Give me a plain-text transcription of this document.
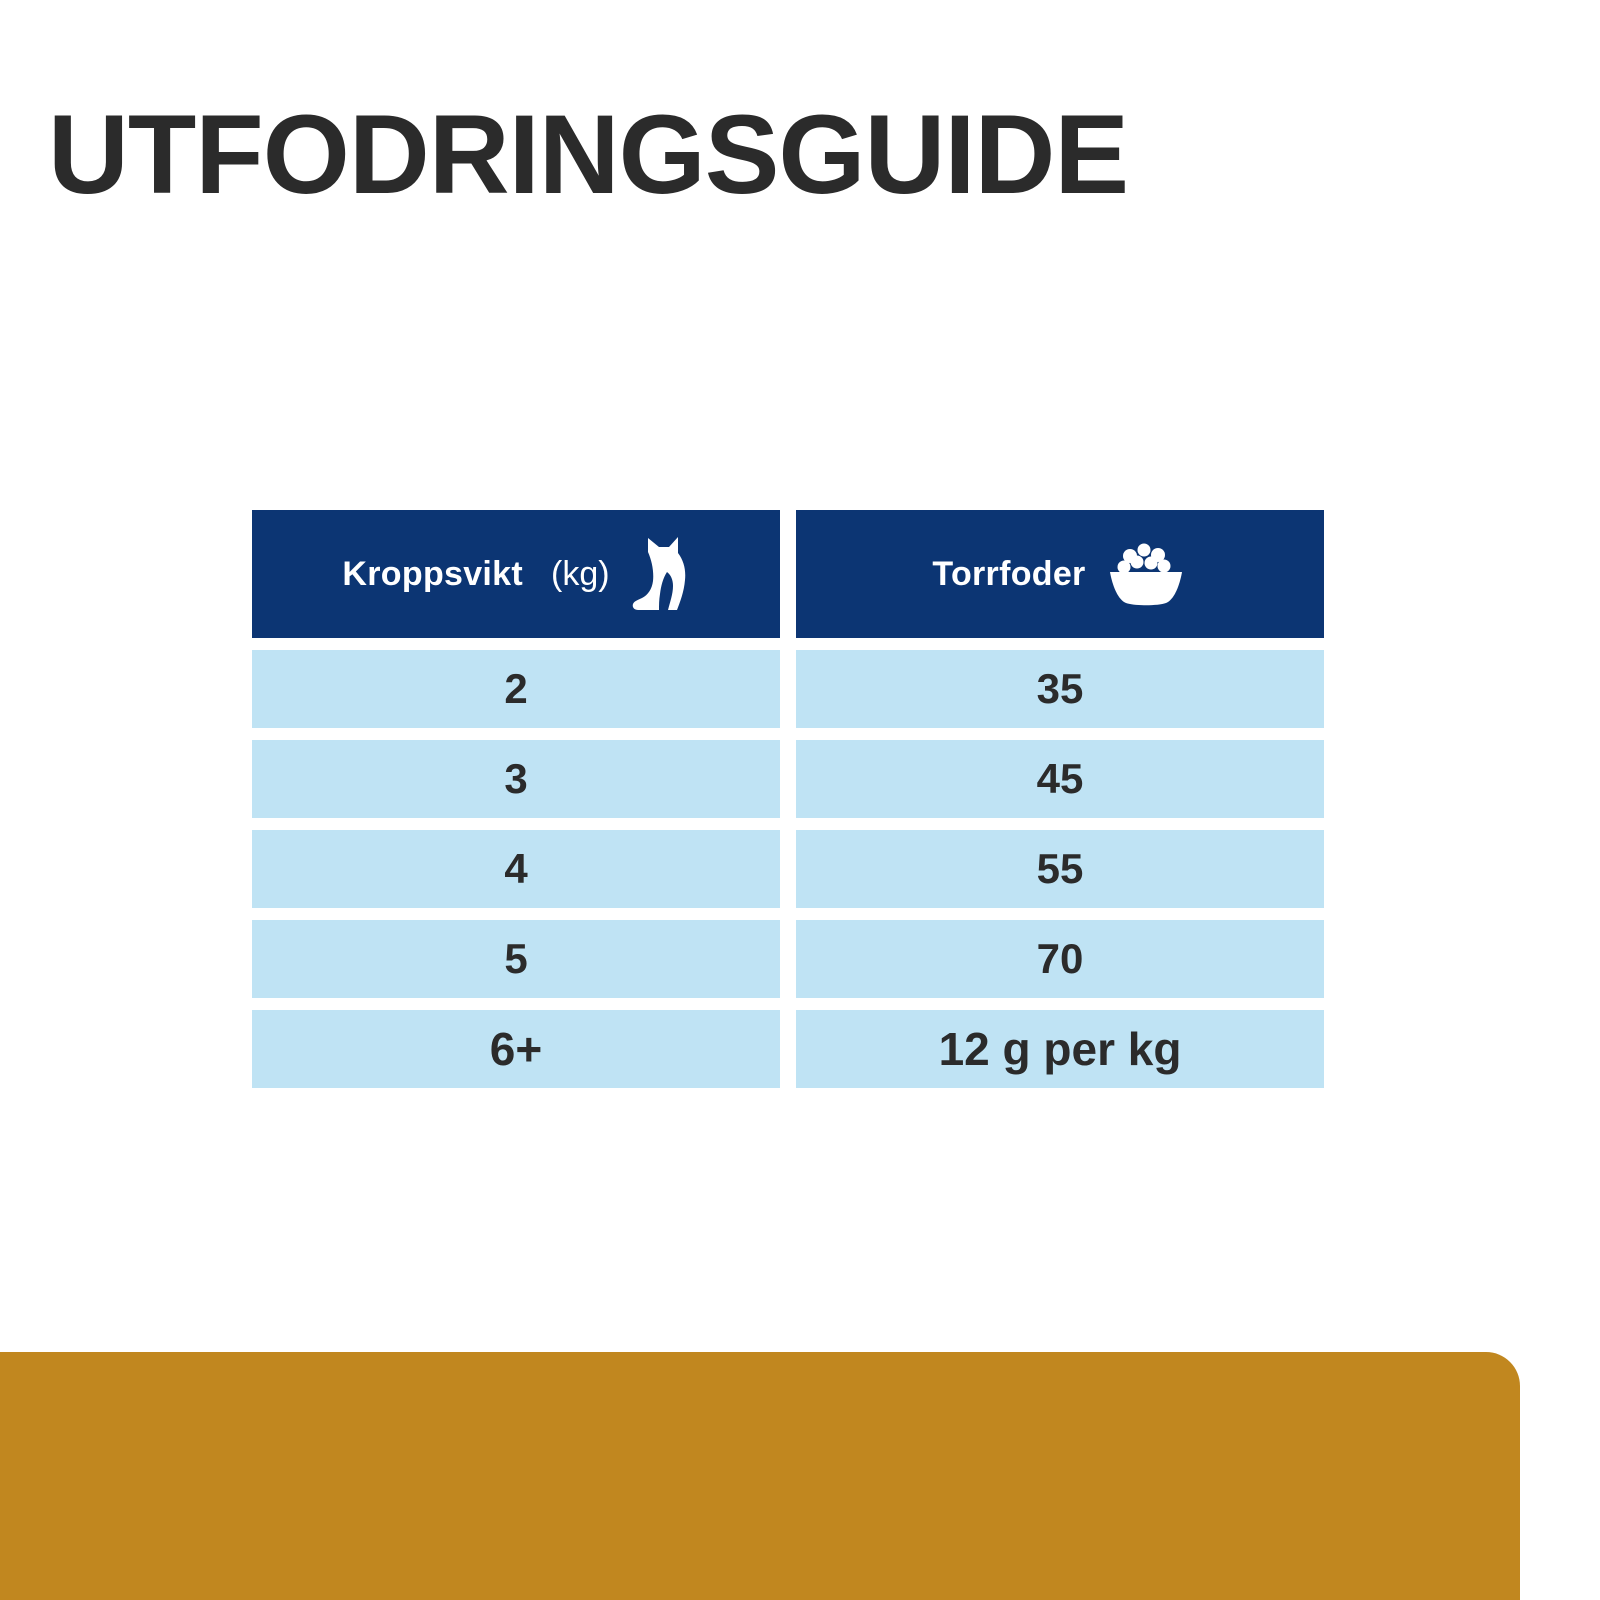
UTFODRINGSGUIDE
Kroppsvikt (kg)		Torrfoder

2		35

3		45

4		55

5		70

6+		12 g per kg
